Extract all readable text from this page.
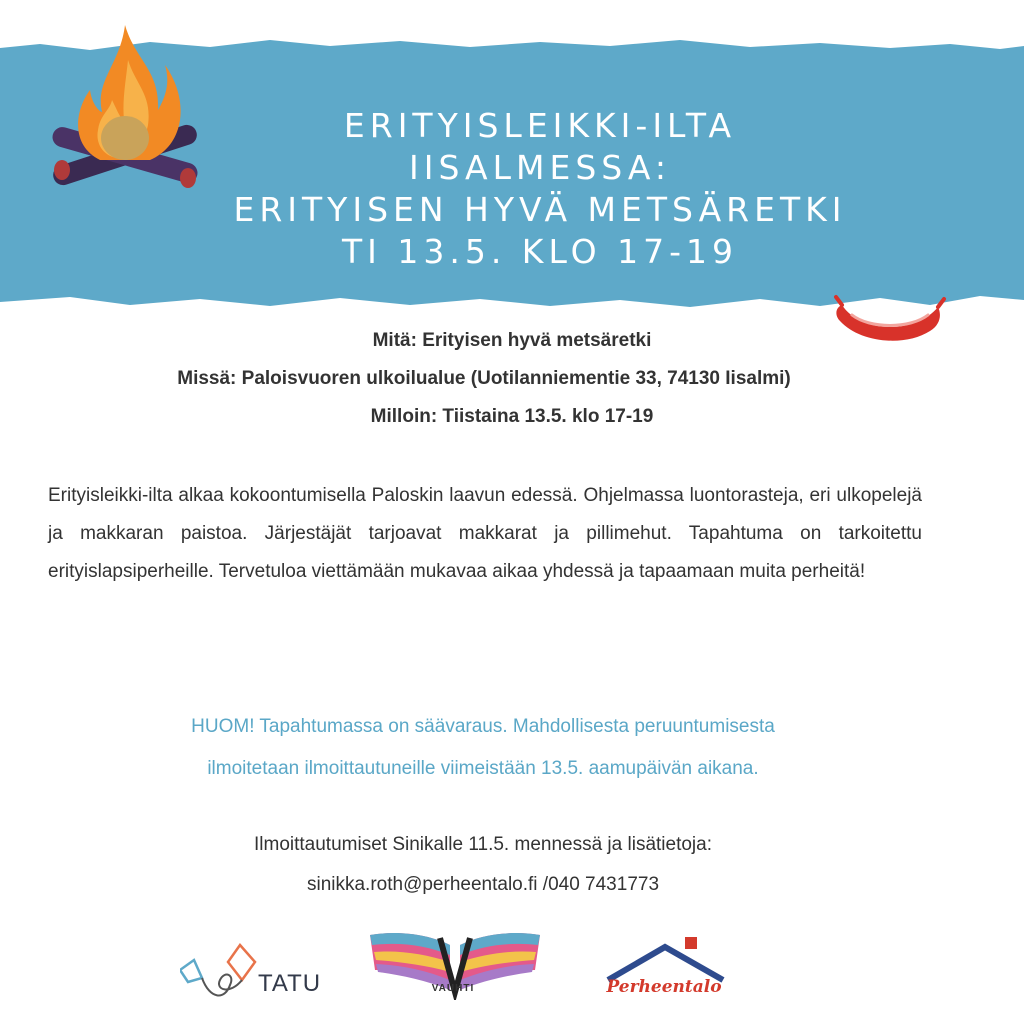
ERITYISLEIKKI-ILTA
IISALMESSA:
ERITYISEN HYVÄ METSÄRETKI
TI 13.5. KLO 17-19
Mitä: Erityisen hyvä metsäretki
Missä: Paloisvuoren ulkoilualue (Uotilanniementie 33, 74130 Iisalmi)
Milloin: Tiistaina 13.5. klo 17-19
Erityisleikki-ilta alkaa kokoontumisella Paloskin laavun edessä. Ohjelmassa luontorasteja, eri ulkopelejä ja makkaran paistoa. Järjestäjät tarjoavat makkarat ja pillimehut. Tapahtuma on tarkoitettu erityislapsiperheille. Tervetuloa viettämään mukavaa aikaa yhdessä ja tapaamaan muita perheitä!
HUOM! Tapahtumassa on säävaraus. Mahdollisesta peruuntumisesta
ilmoitetaan ilmoittautuneille viimeistään 13.5. aamupäivän aikana.
Ilmoittautumiset Sinikalle 11.5. mennessä ja lisätietoja:
sinikka.roth@perheentalo.fi /040 7431773
TATU	VAUHTI	Perheentalo
